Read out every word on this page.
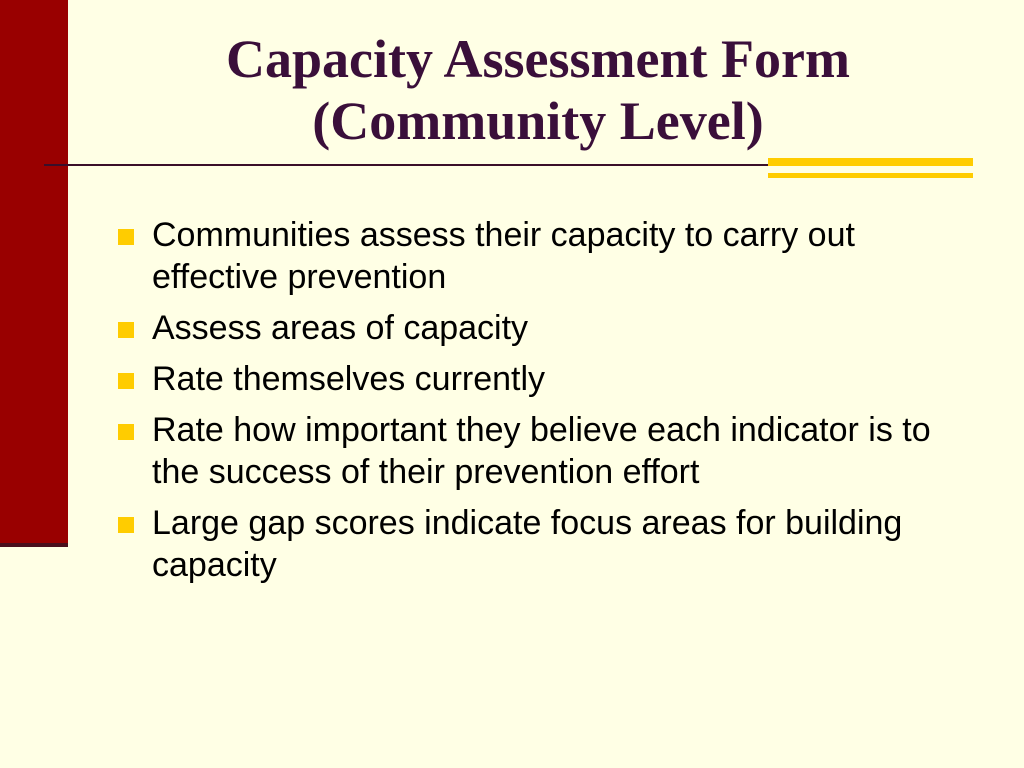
Capacity Assessment Form
(Community Level)
Communities assess their capacity to carry out effective prevention
Assess areas of capacity
Rate themselves currently
Rate how important they believe each indicator is to the success of their prevention effort
Large gap scores indicate focus areas for building capacity
